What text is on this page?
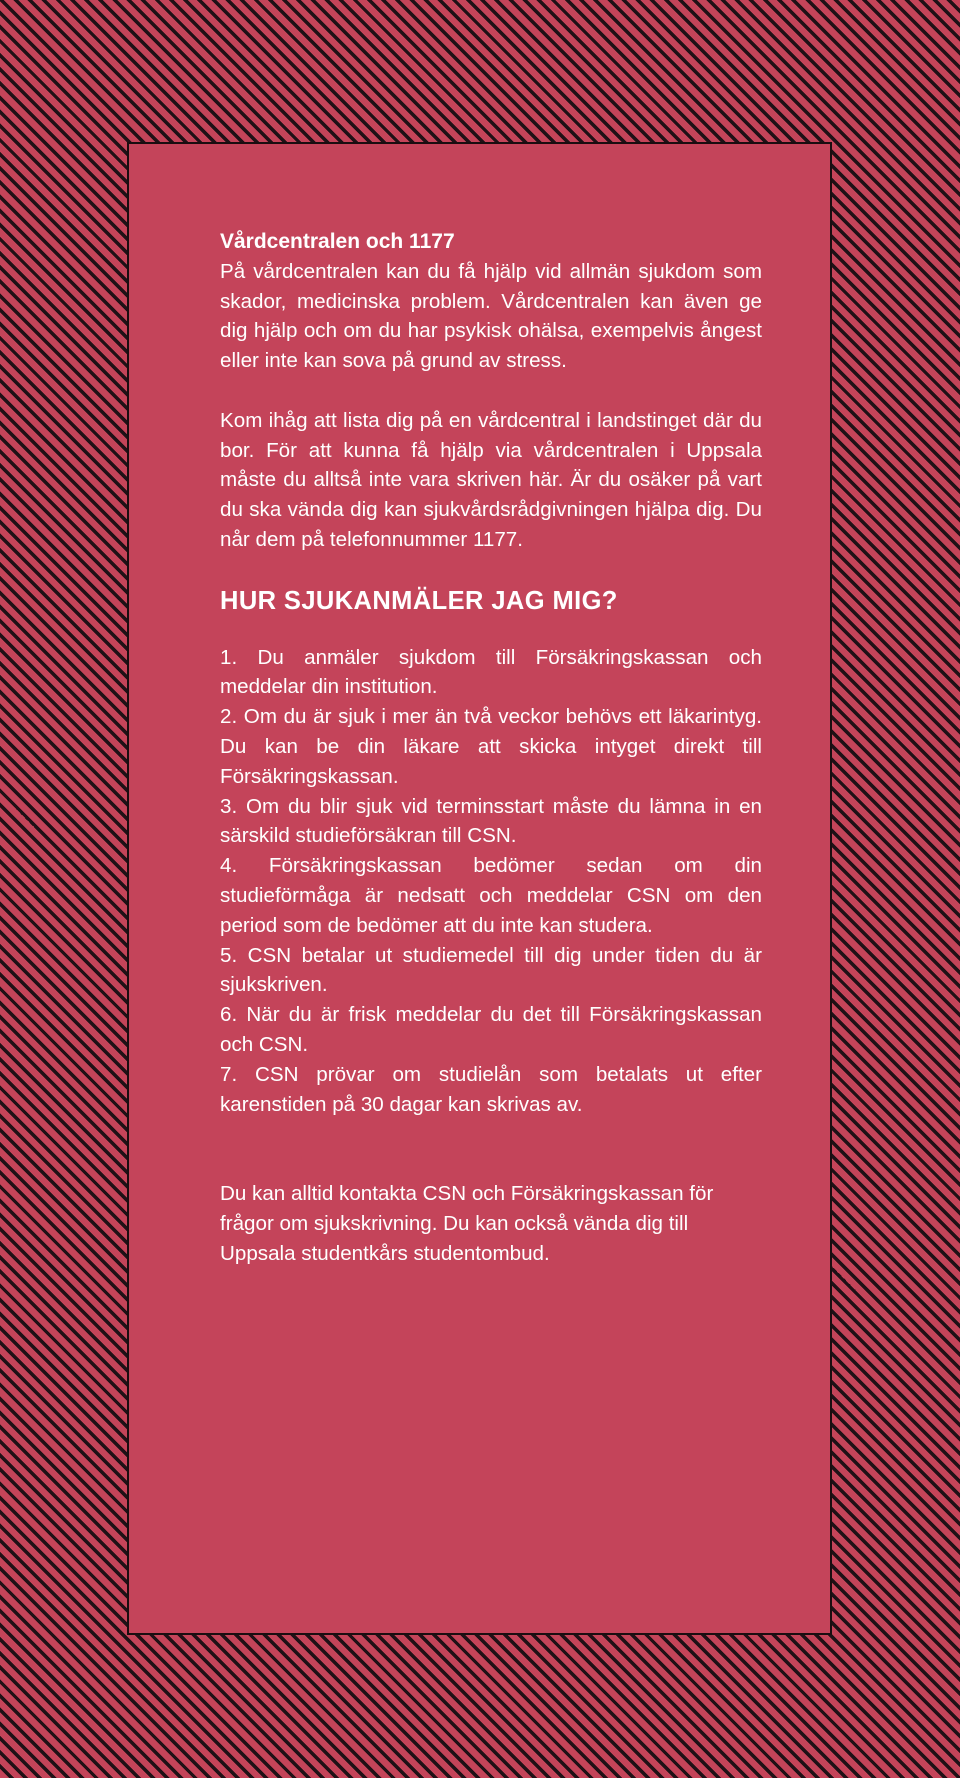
Vårdcentralen och 1177

På vårdcentralen kan du få hjälp vid allmän sjukdom som skador, medicinska problem. Vårdcentralen kan även ge dig hjälp och om du har psykisk ohälsa, exempelvis ångest eller inte kan sova på grund av stress.

Kom ihåg att lista dig på en vårdcentral i landstinget där du bor. För att kunna få hjälp via vårdcentralen i Uppsala måste du alltså inte vara skriven här. Är du osäker på vart du ska vända dig kan sjukvårdsrådgivningen hjälpa dig. Du når dem på telefonnummer 1177.

HUR SJUKANMÄLER JAG MIG?

1. Du anmäler sjukdom till Försäkringskassan och meddelar din institution.
2. Om du är sjuk i mer än två veckor behövs ett läkarintyg. Du kan be din läkare att skicka intyget direkt till Försäkringskassan.
3. Om du blir sjuk vid terminsstart måste du lämna in en särskild studieförsäkran till CSN.
4. Försäkringskassan bedömer sedan om din studieförmåga är nedsatt och meddelar CSN om den period som de bedömer att du inte kan studera.
5. CSN betalar ut studiemedel till dig under tiden du är sjukskriven.
6. När du är frisk meddelar du det till Försäkringskassan och CSN.
7. CSN prövar om studielån som betalats ut efter karenstiden på 30 dagar kan skrivas av.

Du kan alltid kontakta CSN och Försäkringskassan för frågor om sjukskrivning. Du kan också vända dig till Uppsala studentkårs studentombud.
